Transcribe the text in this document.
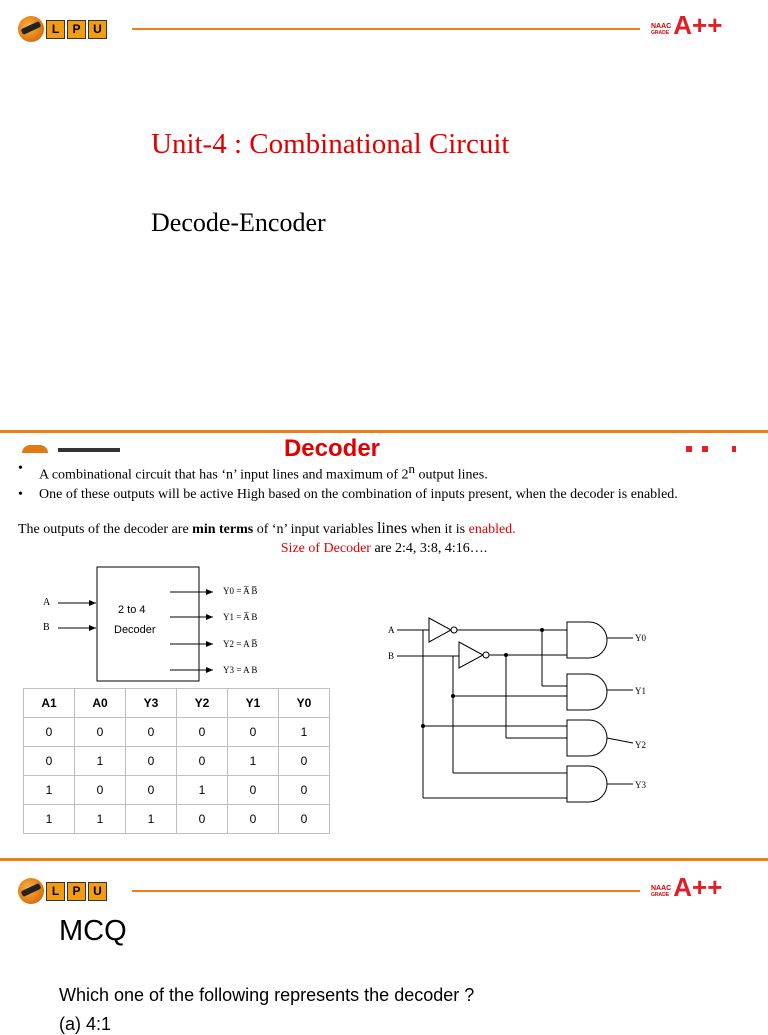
L	P	U	NAAC
GRADE A++
Unit-4 : Combinational Circuit
Decode-Encoder
Decoder
•	A combinational circuit that has ‘n’ input lines and maximum of 2$^n$ output lines.
•	One of these outputs will be active High based on the combination of inputs present, when the decoder is enabled.
The outputs of the decoder are min terms of ‘n’ input variables lines when it is enabled.
Size of Decoder are 2:4, 3:8, 4:16….
A
B
2 to 4
Decoder
Y0 = A̅ B̅
Y1 = A̅ B
Y2 = A B̅
Y3 = A B
A
B
Y0
Y1
Y2
Y3
A1	A0	Y3	Y2	Y1	Y0
0	0	0	0	0	1
0	1	0	0	1	0
1	0	0	1	0	0
1	1	1	0	0	0
L	P	U	NAAC
GRADE A++
MCQ
Which one of the following represents the decoder ?
(a) 4:1
